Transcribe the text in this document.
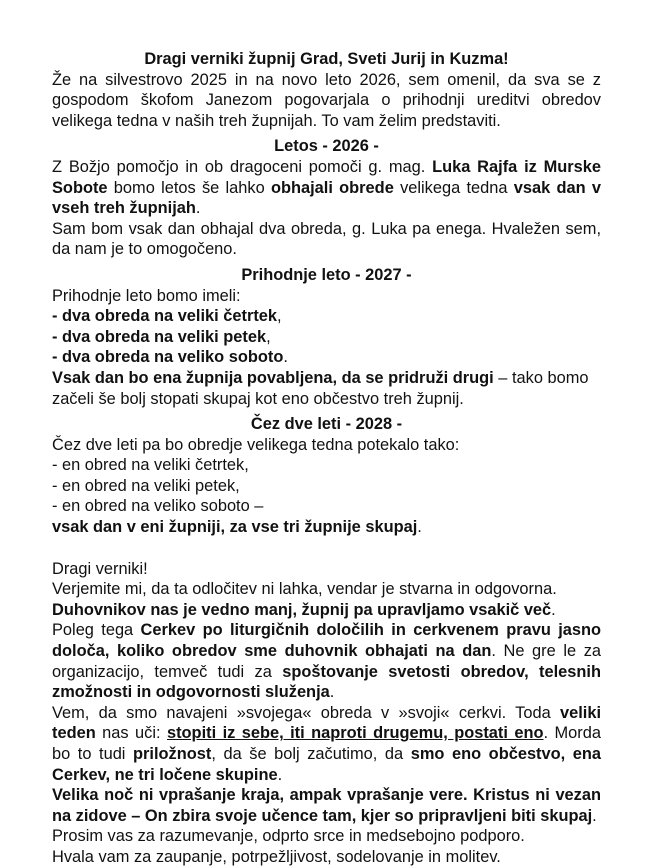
Dragi verniki župnij Grad, Sveti Jurij in Kuzma!

Že na silvestrovo 2025 in na novo leto 2026, sem omenil, da sva se z gospodom škofom Janezom pogovarjala o prihodnji ureditvi obredov velikega tedna v naših treh župnijah. To vam želim predstaviti.

Letos - 2026 -

Z Božjo pomočjo in ob dragoceni pomoči g. mag. Luka Rajfa iz Murske Sobote bomo letos še lahko obhajali obrede velikega tedna vsak dan v vseh treh župnijah.

Sam bom vsak dan obhajal dva obreda, g. Luka pa enega. Hvaležen sem, da nam je to omogočeno.

Prihodnje leto - 2027 -

Prihodnje leto bomo imeli:

- dva obreda na veliki četrtek,

- dva obreda na veliki petek,

- dva obreda na veliko soboto.

Vsak dan bo ena župnija povabljena, da se pridruži drugi – tako bomo začeli še bolj stopati skupaj kot eno občestvo treh župnij.

Čez dve leti - 2028 -

Čez dve leti pa bo obredje velikega tedna potekalo tako:

- en obred na veliki četrtek,

- en obred na veliki petek,

- en obred na veliko soboto –

vsak dan v eni župniji, za vse tri župnije skupaj.

Dragi verniki!

Verjemite mi, da ta odločitev ni lahka, vendar je stvarna in odgovorna.

Duhovnikov nas je vedno manj, župnij pa upravljamo vsakič več.

Poleg tega Cerkev po liturgičnih določilih in cerkvenem pravu jasno določa, koliko obredov sme duhovnik obhajati na dan. Ne gre le za organizacijo, temveč tudi za spoštovanje svetosti obredov, telesnih zmožnosti in odgovornosti služenja.

Vem, da smo navajeni »svojega« obreda v »svoji« cerkvi. Toda veliki teden nas uči: stopiti iz sebe, iti naproti drugemu, postati eno. Morda bo to tudi priložnost, da še bolj začutimo, da smo eno občestvo, ena Cerkev, ne tri ločene skupine.

Velika noč ni vprašanje kraja, ampak vprašanje vere. Kristus ni vezan na zidove – On zbira svoje učence tam, kjer so pripravljeni biti skupaj.

Prosim vas za razumevanje, odprto srce in medsebojno podporo.

Hvala vam za zaupanje, potrpežljivost, sodelovanje in molitev.
